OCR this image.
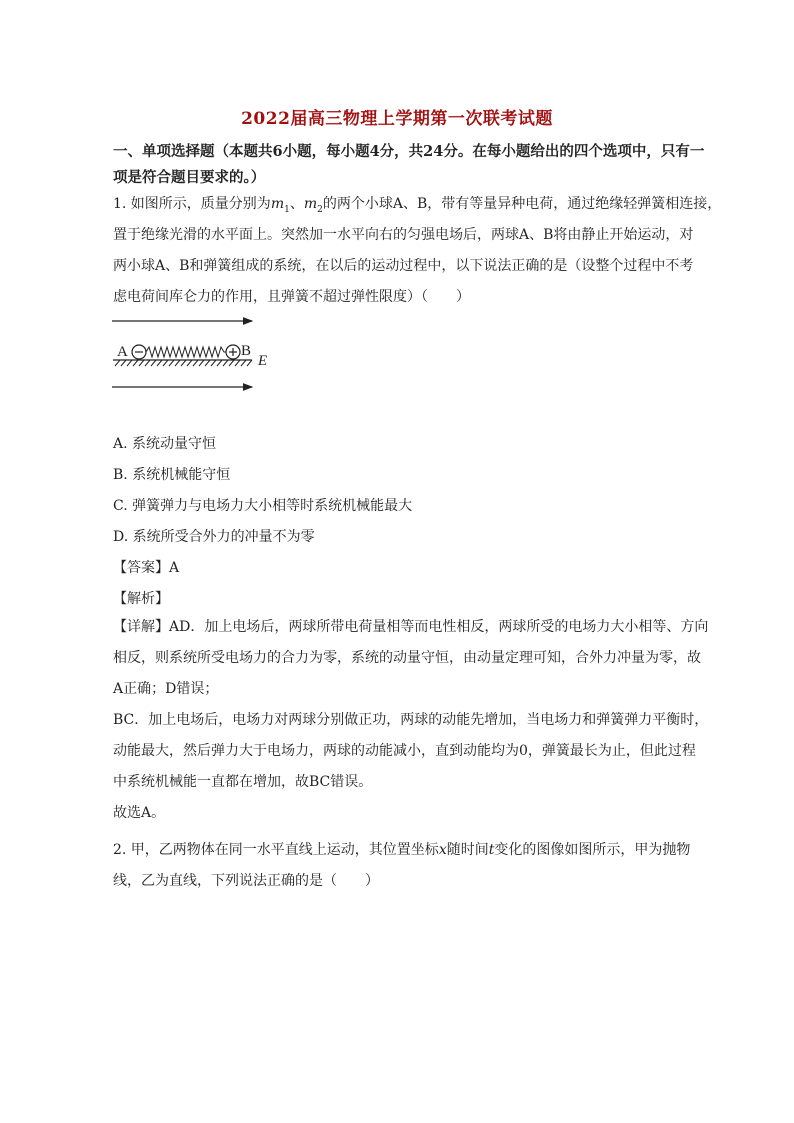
2022届高三物理上学期第一次联考试题
一、单项选择题（本题共6小题，每小题4分，共24分。在每小题给出的四个选项中，只有一
项是符合题目要求的。）
1. 如图所示，质量分别为$m_1$、$m_2$的两个小球A、B，带有等量异种电荷，通过绝缘轻弹簧相连接，
置于绝缘光滑的水平面上。突然加一水平向右的匀强电场后，两球A、B将由静止开始运动，对
两小球A、B和弹簧组成的系统，在以后的运动过程中，以下说法正确的是（设整个过程中不考
虑电荷间库仑力的作用，且弹簧不超过弹性限度）（　　）
A	B
E
A. 系统动量守恒
B. 系统机械能守恒
C. 弹簧弹力与电场力大小相等时系统机械能最大
D. 系统所受合外力的冲量不为零
【答案】A
【解析】
【详解】AD．加上电场后，两球所带电荷量相等而电性相反，两球所受的电场力大小相等、方向
相反，则系统所受电场力的合力为零，系统的动量守恒，由动量定理可知，合外力冲量为零，故
A正确；D错误；
BC．加上电场后，电场力对两球分别做正功，两球的动能先增加，当电场力和弹簧弹力平衡时，
动能最大，然后弹力大于电场力，两球的动能减小，直到动能均为0，弹簧最长为止，但此过程
中系统机械能一直都在增加，故BC错误。
故选A。
2. 甲，乙两物体在同一水平直线上运动，其位置坐标x随时间t变化的图像如图所示，甲为抛物
线，乙为直线，下列说法正确的是（　　）
